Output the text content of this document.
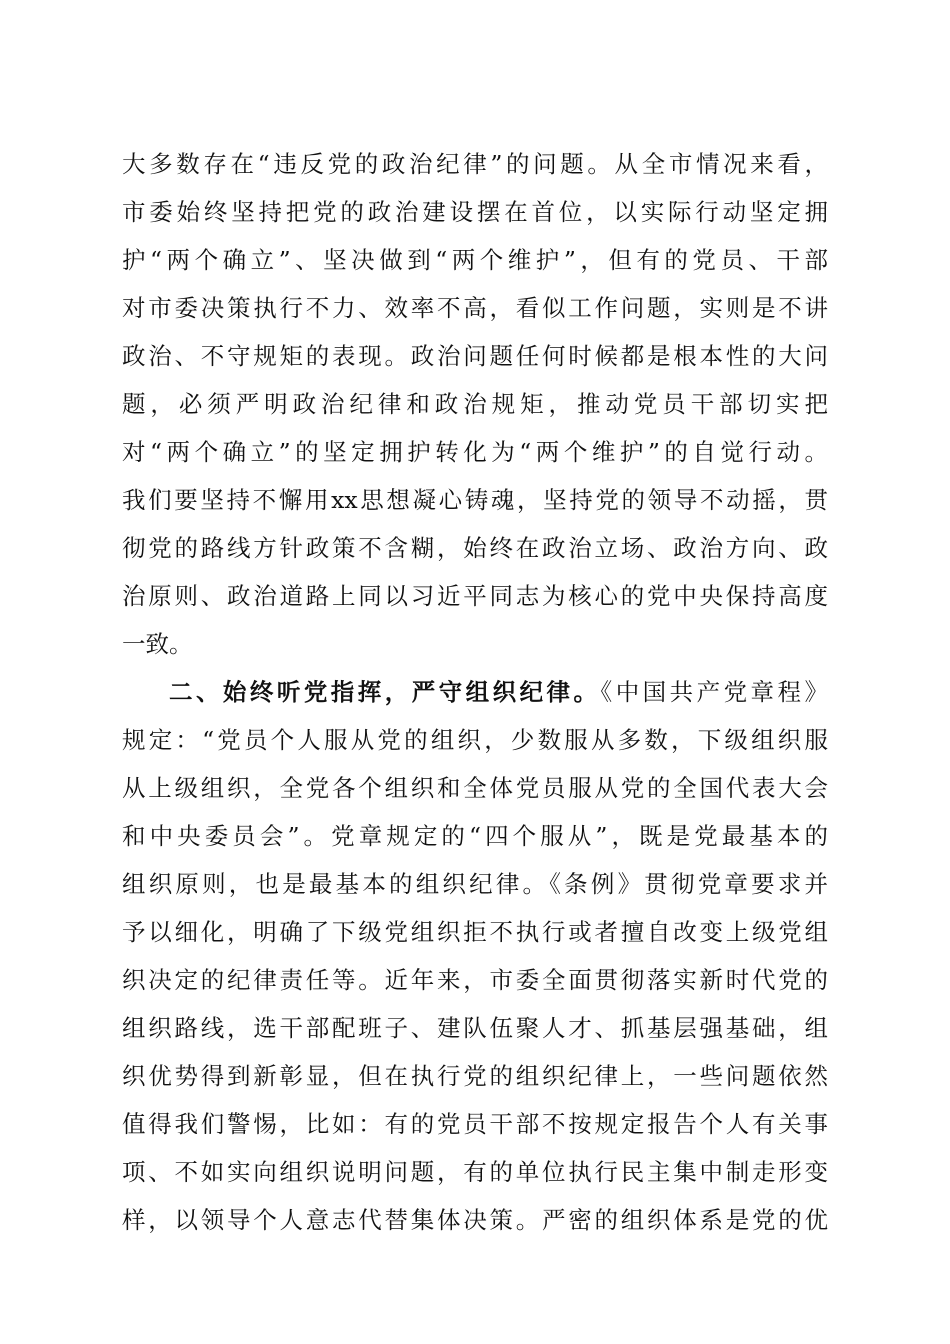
大多数存在“违反党的政治纪律”的问题。从全市情况来看，
市委始终坚持把党的政治建设摆在首位，以实际行动坚定拥
护“两个确立”、坚决做到“两个维护”，但有的党员、干部
对市委决策执行不力、效率不高，看似工作问题，实则是不讲
政治、不守规矩的表现。政治问题任何时候都是根本性的大问
题，必须严明政治纪律和政治规矩，推动党员干部切实把
对“两个确立”的坚定拥护转化为“两个维护”的自觉行动。
我们要坚持不懈用xx思想凝心铸魂，坚持党的领导不动摇，贯
彻党的路线方针政策不含糊，始终在政治立场、政治方向、政
治原则、政治道路上同以习近平同志为核心的党中央保持高度
一致。
二、始终听党指挥，严守组织纪律。《中国共产党章程》
规定：“党员个人服从党的组织，少数服从多数，下级组织服
从上级组织，全党各个组织和全体党员服从党的全国代表大会
和中央委员会”。党章规定的“四个服从”，既是党最基本的
组织原则，也是最基本的组织纪律。《条例》贯彻党章要求并
予以细化，明确了下级党组织拒不执行或者擅自改变上级党组
织决定的纪律责任等。近年来，市委全面贯彻落实新时代党的
组织路线，选干部配班子、建队伍聚人才、抓基层强基础，组
织优势得到新彰显，但在执行党的组织纪律上，一些问题依然
值得我们警惕，比如：有的党员干部不按规定报告个人有关事
项、不如实向组织说明问题，有的单位执行民主集中制走形变
样，以领导个人意志代替集体决策。严密的组织体系是党的优
